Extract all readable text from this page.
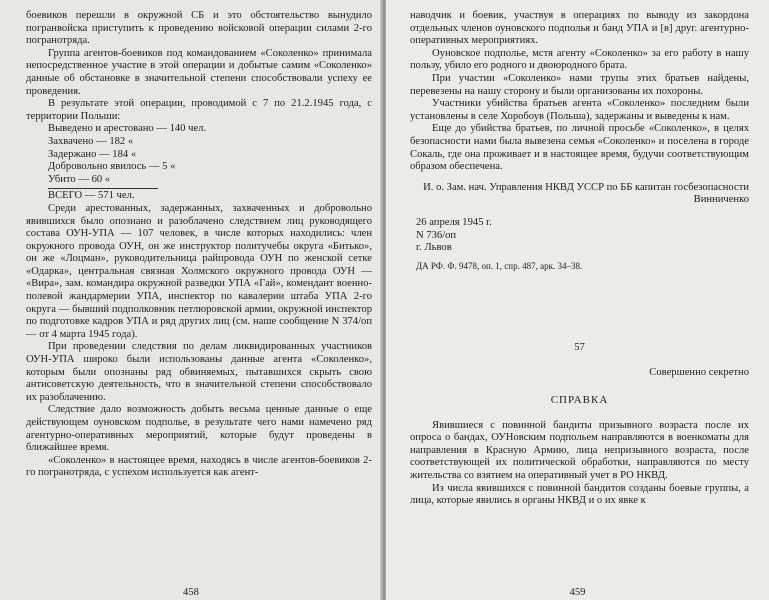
боевиков перешли в окружной СБ и это обстоятельство вынудило погранвойска приступить к проведению войсковой операции силами 2-го погранотряда.

Группа агентов-боевиков под командованием «Соколенко» принимала непосредственное участие в этой операции и добытые самим «Соколенко» данные об обстановке в значительной степени способствовали успеху ее проведения.

В результате этой операции, проводимой с 7 по 21.2.1945 года, с территории Польши:

Выведено и арестовано — 140 чел.
Захвачено — 182 «
Задержано — 184 «
Добровольно явилось — 5 «
Убито — 60 «
ВСЕГО — 571 чел.

Среди арестованных, задержанных, захваченных и добровольно явившихся было опознано и разоблачено следствием лиц руководящего состава ОУН-УПА — 107 человек, в числе которых находились: член окружного провода ОУН, он же инструктор политучебы округа «Битько», он же «Лоцман», руководительница райпровода ОУН по женской сетке «Одарка», центральная связная Холмского окружного провода ОУН — «Вира», зам. командира окружной разведки УПА «Гай», комендант военно-полевой жандармерии УПА, инспектор по кавалерии штаба УПА 2-го округа — бывший подполковник петлюровской армии, окружной инспектор по подготовке кадров УПА и ряд других лиц (см. наше сообщение N 374/оп — от 4 марта 1945 года).

При проведении следствия по делам ликвидированных участников ОУН-УПА широко были использованы данные агента «Соколенко», которым были опознаны ряд обвиняемых, пытавшихся скрыть свою антисоветскую деятельность, что в значительной степени способствовало их разоблачению.

Следствие дало возможность добыть весьма ценные данные о еще действующем оуновском подполье, в результате чего нами намечено ряд агентурно-оперативных мероприятий, которые будут проведены в ближайшее время.

«Соколенко» в настоящее время, находясь в числе агентов-боевиков 2-го погранотряда, с успехом используется как агент-

458

наводчик и боевик, участвуя в операциях по выводу из закордона отдельных членов оуновского подполья и банд УПА и [в] друг. агентурно-оперативных мероприятиях.

Оуновское подполье, мстя агенту «Соколенко» за его работу в нашу пользу, убило его родного и двоюродного брата.

При участии «Соколенко» нами трупы этих братьев найдены, перевезены на нашу сторону и были организованы их похороны.

Участники убийства братьев агента «Соколенко» последним были установлены в селе Хоробоув (Польша), задержаны и выведены к нам.

Еще до убийства братьев, по личной просьбе «Соколенко», в целях безопасности нами была вывезена семья «Соколенко» и поселена в городе Сокаль, где она проживает и в настоящее время, будучи соответствующим образом обеспечена.

И. о. Зам. нач. Управления НКВД УССР по ББ капитан госбезопасности Винниченко
26 апреля 1945 г.
N 736/оп
г. Львов
ДА РФ. Ф. 9478, оп. 1, спр. 487, арк. 34–38.
57
Совершенно секретно
СПРАВКА

Явившиеся с повинной бандиты призывного возраста после их опроса о бандах, ОУНовским подпольем направляются в военкоматы для направления в Красную Армию, лица непризывного возраста, после соответствующей их политической обработки, направляются по месту жительства со взятием на оперативный учет в РО НКВД.

Из числа явившихся с повинной бандитов созданы боевые группы, а лица, которые явились в органы НКВД и о их явке к

459
